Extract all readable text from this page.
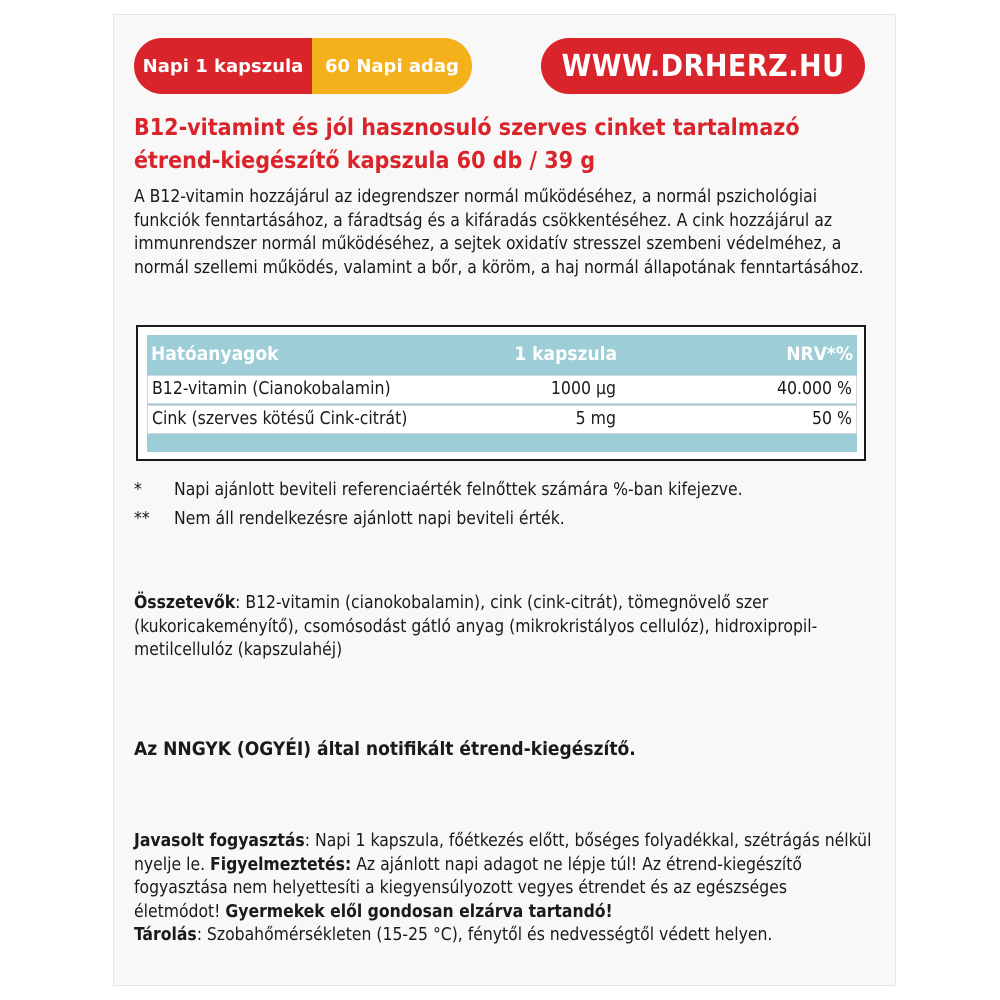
Napi 1 kapszula	60 Napi adag	WWW.DRHERZ.HU
B12-vitamint és jól hasznosuló szerves cinket tartalmazó
étrend-kiegészítő kapszula 60 db / 39 g

A B12-vitamin hozzájárul az idegrendszer normál működéséhez, a normál pszichológiai funkciók fenntartásához, a fáradtság és a kifáradás csökkentéséhez. A cink hozzájárul az immunrendszer normál működéséhez, a sejtek oxidatív stresszel szembeni védelméhez, a normál szellemi működés, valamint a bőr, a köröm, a haj normál állapotának fenntartásához.

Hatóanyagok	1 kapszula	NRV*%
B12-vitamin (Cianokobalamin)	1000 µg	40.000 %
Cink (szerves kötésű Cink-citrát)	5 mg	50 %
* Napi ajánlott beviteli referenciaérték felnőttek számára %-ban kifejezve.
** Nem áll rendelkezésre ajánlott napi beviteli érték.

Összetevők: B12-vitamin (cianokobalamin), cink (cink-citrát), tömegnövelő szer (kukoricakeményítő), csomósodást gátló anyag (mikrokristályos cellulóz), hidroxipropil-metilcellulóz (kapszulahéj)

Az NNGYK (OGYÉI) által notifikált étrend-kiegészítő.

Javasolt fogyasztás: Napi 1 kapszula, főétkezés előtt, bőséges folyadékkal, szétrágás nélkül nyelje le. Figyelmeztetés: Az ajánlott napi adagot ne lépje túl! Az étrend-kiegészítő fogyasztása nem helyettesíti a kiegyensúlyozott vegyes étrendet és az egészséges életmódot! Gyermekek elől gondosan elzárva tartandó!
Tárolás: Szobahőmérsékleten (15-25 °C), fénytől és nedvességtől védett helyen.
